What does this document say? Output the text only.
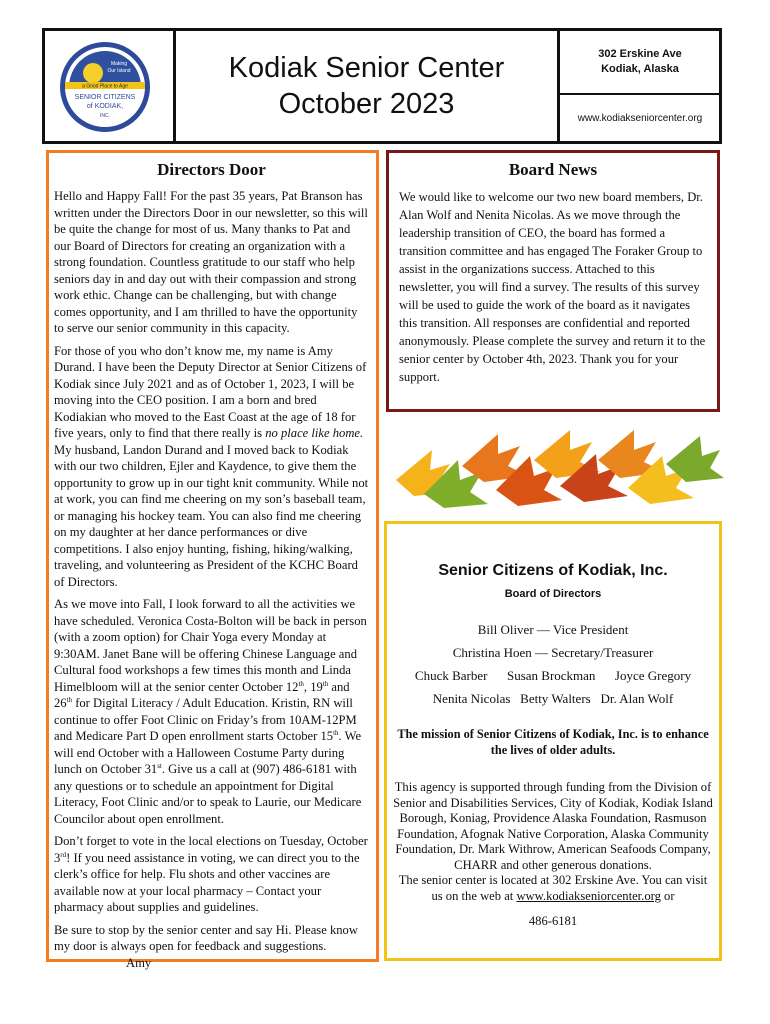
Making
Our Island
a Good Place to Age
SENIOR CITIZENS
of KODIAK,
INC.
Kodiak Senior Center
October 2023
302 Erskine Ave
Kodiak, Alaska
www.kodiakseniorcenter.org
Directors Door

Hello and Happy Fall! For the past 35 years, Pat Branson has written under the Directors Door in our newsletter, so this will be quite the change for most of us. Many thanks to Pat and our Board of Directors for creating an organization with a strong foundation. Countless gratitude to our staff who help seniors day in and day out with their compassion and strong work ethic. Change can be challenging, but with change comes opportunity, and I am thrilled to have the opportunity to serve our senior community in this capacity.

For those of you who don’t know me, my name is Amy Durand. I have been the Deputy Director at Senior Citizens of Kodiak since July 2021 and as of October 1, 2023, I will be moving into the CEO position. I am a born and bred Kodiakian who moved to the East Coast at the age of 18 for five years, only to find that there really is no place like home. My husband, Landon Durand and I moved back to Kodiak with our two children, Ejler and Kaydence, to give them the opportunity to grow up in our tight knit community. While not at work, you can find me cheering on my son’s baseball team, or managing his hockey team. You can also find me cheering on my daughter at her dance performances or dive competitions. I also enjoy hunting, fishing, hiking/walking, traveling, and volunteering as President of the KCHC Board of Directors.

As we move into Fall, I look forward to all the activities we have scheduled. Veronica Costa-Bolton will be back in person (with a zoom option) for Chair Yoga every Monday at 9:30AM. Janet Bane will be offering Chinese Language and Cultural food workshops a few times this month and Linda Himelbloom will at the senior center October 12th, 19th and 26th for Digital Literacy / Adult Education. Kristin, RN will continue to offer Foot Clinic on Friday’s from 10AM-12PM and Medicare Part D open enrollment starts October 15th. We will end October with a Halloween Costume Party during lunch on October 31st. Give us a call at (907) 486-6181 with any questions or to schedule an appointment for Digital Literacy, Foot Clinic and/or to speak to Laurie, our Medicare Councilor about open enrollment.

Don’t forget to vote in the local elections on Tuesday, October 3rd! If you need assistance in voting, we can direct you to the clerk’s office for help. Flu shots and other vaccines are available now at your local pharmacy – Contact your pharmacy about supplies and guidelines.

Be sure to stop by the senior center and say Hi. Please know my door is always open for feedback and suggestions.Amy

Board News

We would like to welcome our two new board members, Dr. Alan Wolf and Nenita Nicolas. As we move through the leadership transition of CEO, the board has formed a transition committee and has engaged The Foraker Group to assist in the organizations success. Attached to this newsletter, you will find a survey. The results of this survey will be used to guide the work of the board as it navigates this transition. All responses are confidential and reported anonymously. Please complete the survey and return it to the senior center by October 4th, 2023. Thank you for your support.

Senior Citizens of Kodiak, Inc.
Board of Directors
Bill Oliver — Vice President
Christina Hoen — Secretary/Treasurer
Chuck Barber      Susan Brockman      Joyce Gregory
Nenita Nicolas   Betty Walters   Dr. Alan Wolf
The mission of Senior Citizens of Kodiak, Inc. is to enhance the lives of older adults.
This agency is supported through funding from the Division of Senior and Disabilities Services, City of Kodiak, Kodiak Island Borough, Koniag, Providence Alaska Foundation, Rasmuson Foundation, Afognak Native Corporation, Alaska Community Foundation, Dr. Mark Withrow, American Seafoods Company, CHARR and other generous donations.
The senior center is located at 302 Erskine Ave. You can visit us on the web at www.kodiakseniorcenter.org or
486-6181
